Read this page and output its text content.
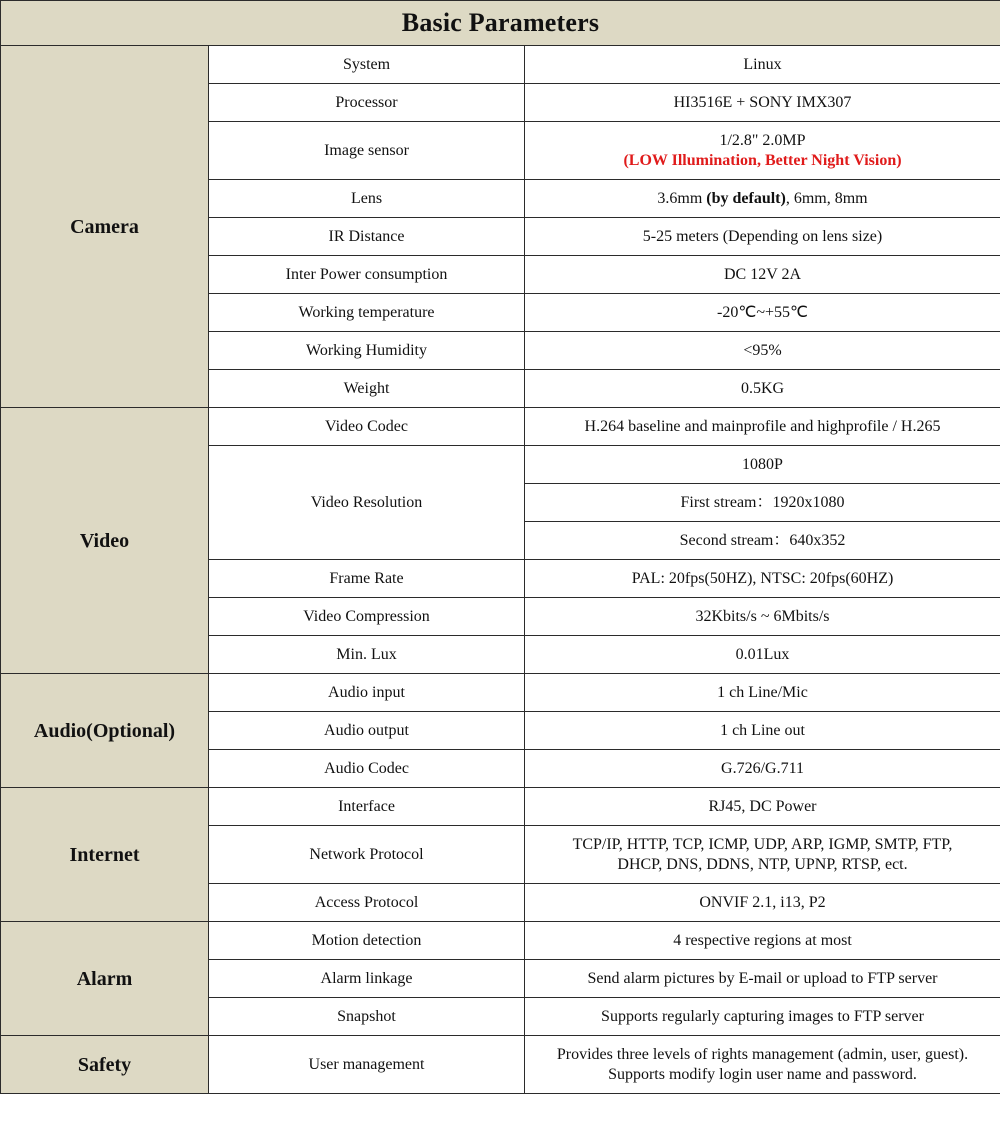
Basic Parameters		
Camera	System	Linux
	Processor	HI3516E + SONY IMX307
	Image sensor	1/2.8" 2.0MP
(LOW Illumination, Better Night Vision)

	Lens	3.6mm (by default), 6mm, 8mm
	IR Distance	5-25 meters (Depending on lens size)
	Inter Power consumption	DC 12V 2A
	Working temperature	-20℃~+55℃
	Working Humidity	<95%
	Weight	0.5KG
Video	Video Codec	H.264 baseline and mainprofile and highprofile / H.265
	Video Resolution	1080P
		First stream：1920x1080
		Second stream：640x352
	Frame Rate	PAL: 20fps(50HZ), NTSC: 20fps(60HZ)
	Video Compression	32Kbits/s ~ 6Mbits/s
	Min. Lux	0.01Lux
Audio(Optional)	Audio input	1 ch Line/Mic
	Audio output	1 ch Line out
	Audio Codec	G.726/G.711
Internet	Interface	RJ45, DC Power
	Network Protocol	TCP/IP, HTTP, TCP, ICMP, UDP, ARP, IGMP, SMTP, FTP,
DHCP, DNS, DDNS, NTP, UPNP, RTSP, ect.

	Access Protocol	ONVIF 2.1, i13, P2
Alarm	Motion detection	4 respective regions at most
	Alarm linkage	Send alarm pictures by E-mail or upload to FTP server
	Snapshot	Supports regularly capturing images to FTP server
Safety	User management	Provides three levels of rights management (admin, user, guest).
Supports modify login user name and password.
